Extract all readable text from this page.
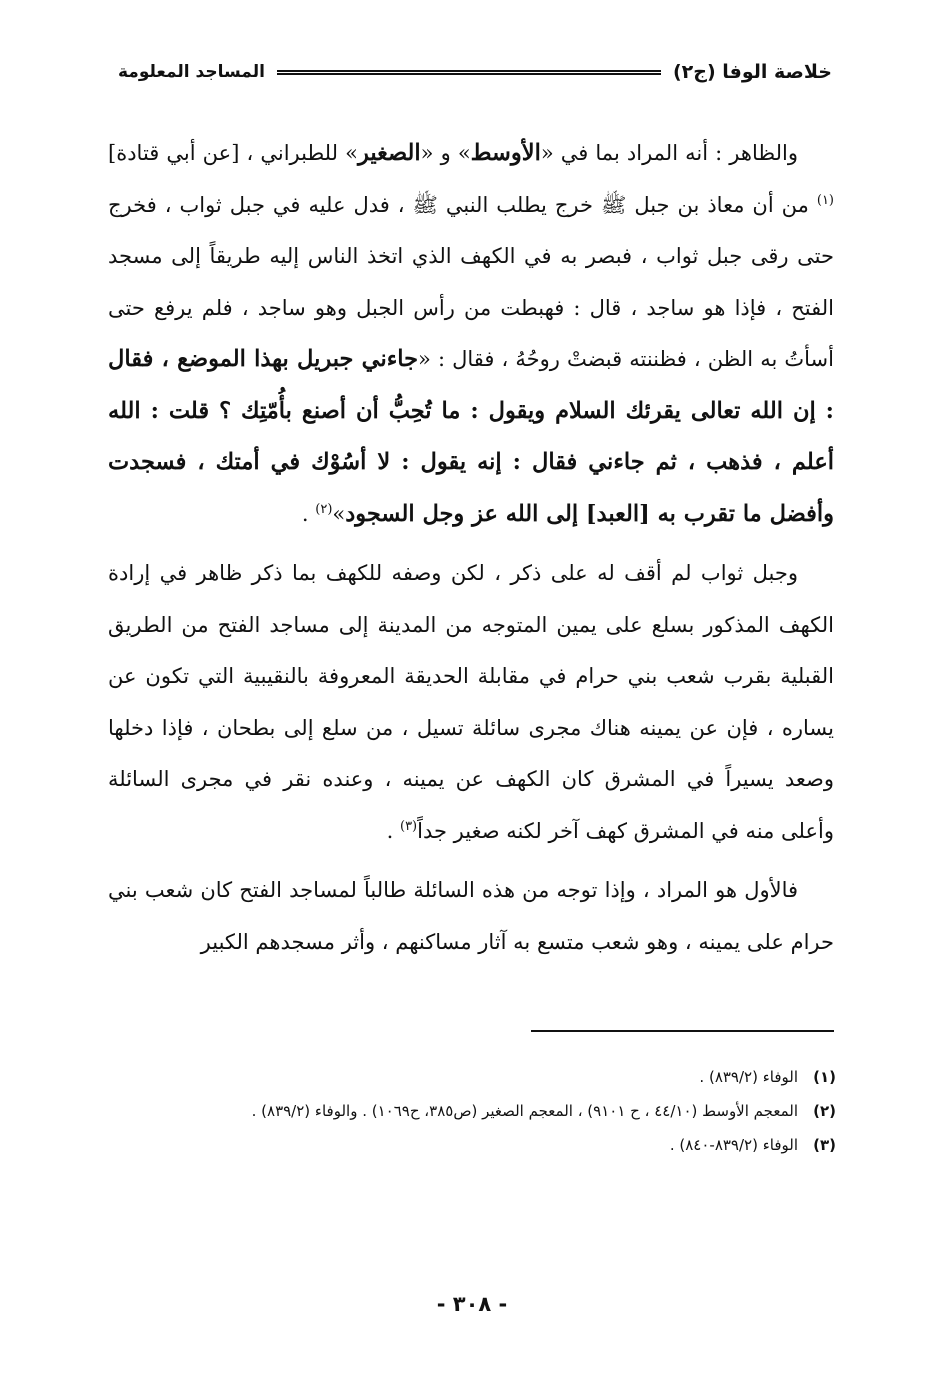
خلاصة الوفا (ج٢)
المساجد المعلومة

والظاهر : أنه المراد بما في «الأوسط» و «الصغير» للطبراني ، [عن أبي قتادة]$^{(١)}$ من أن معاذ بن جبل ﷺ خرج يطلب النبي ﷺ ، فدل عليه في جبل ثواب ، فخرج حتى رقى جبل ثواب ، فبصر به في الكهف الذي اتخذ الناس إليه طريقاً إلى مسجد الفتح ، فإذا هو ساجد ، قال : فهبطت من رأس الجبل وهو ساجد ، فلم يرفع حتى أسأتُ به الظن ، فظننته قبضتْ روحُهُ ، فقال : «جاءني جبريل بهذا الموضع ، فقال : إن الله تعالى يقرئك السلام ويقول : ما تُحِبُّ أن أصنع بأُمّتِك ؟ قلت : الله أعلم ، فذهب ، ثم جاءني فقال : إنه يقول : لا أسُوْك في أمتك ، فسجدت وأفضل ما تقرب به [العبد] إلى الله عز وجل السجود»$^{(٢)}$ .

وجبل ثواب لم أقف له على ذكر ، لكن وصفه للكهف بما ذكر ظاهر في إرادة الكهف المذكور بسلع على يمين المتوجه من المدينة إلى مساجد الفتح من الطريق القبلية بقرب شعب بني حرام في مقابلة الحديقة المعروفة بالنقيبية التي تكون عن يساره ، فإن عن يمينه هناك مجرى سائلة تسيل ، من سلع إلى بطحان ، فإذا دخلها وصعد يسيراً في المشرق كان الكهف عن يمينه ، وعنده نقر في مجرى السائلة وأعلى منه في المشرق كهف آخر لكنه صغير جداً$^{(٣)}$ .

فالأول هو المراد ، وإذا توجه من هذه السائلة طالباً لمساجد الفتح كان شعب بني حرام على يمينه ، وهو شعب متسع به آثار مساكنهم ، وأثر مسجدهم الكبير

(١)
الوفاء (٨٣٩/٢) .
(٢)
المعجم الأوسط (٤٤/١٠ ، ح ٩١٠١) ، المعجم الصغير (ص٣٨٥، ح١٠٦٩) . والوفاء (٨٣٩/٢) .
(٣)
الوفاء (٨٣٩/٢-٨٤٠) .
- ٣٠٨ -
